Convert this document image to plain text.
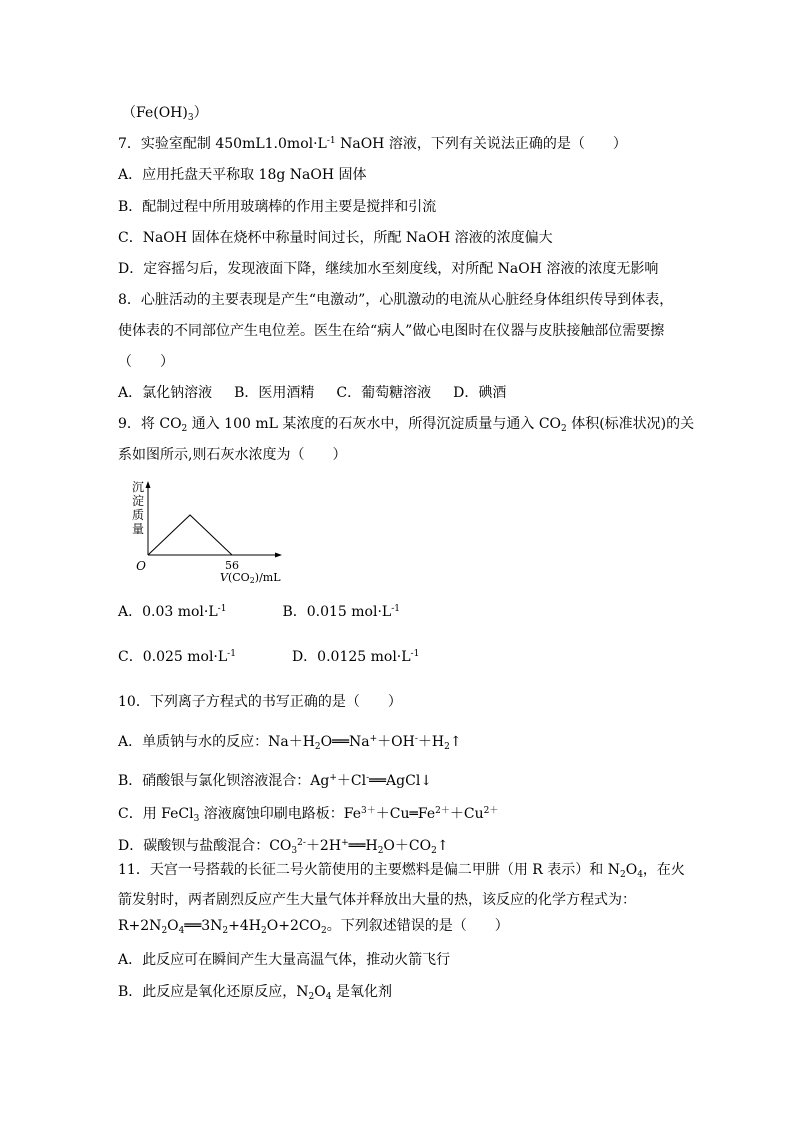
$(Fe(OH)_3)$
7．实验室配制 $450mL1.0mol\cdot L^{-1}$ NaOH 溶液，下列有关说法正确的是（　　）
A．应用托盘天平称取 18g NaOH 固体
B．配制过程中所用玻璃棒的作用主要是搅拌和引流
C．NaOH 固体在烧杯中称量时间过长，所配 NaOH 溶液的浓度偏大
D．定容摇匀后，发现液面下降，继续加水至刻度线，对所配 NaOH 溶液的浓度无影响
8．心脏活动的主要表现是产生“电激动”，心肌激动的电流从心脏经身体组织传导到体表，
使体表的不同部位产生电位差。医生在给“病人”做心电图时在仪器与皮肤接触部位需要擦
（　　）
A．氯化钠溶液 B．医用酒精 C．葡萄糖溶液 D．碘酒
9．将 $CO_2$ 通入 100 mL 某浓度的石灰水中，所得沉淀质量与通入 $CO_2$ 体积(标准状况)的关
系如图所示,则石灰水浓度为（　　）
沉
淀
质
量
O	56
V(CO2)/mL
A．0.03 $mol\cdot L^{-1}$	B．0.015 $mol\cdot L^{-1}$
C．0.025 $mol\cdot L^{-1}$	D．0.0125 $mol\cdot L^{-1}$
10．下列离子方程式的书写正确的是（　　）
A．单质钠与水的反应：$Na+H_2O══Na^++OH^-+H_2↑$
B．硝酸银与氯化钡溶液混合：Ag+＋Cl-══AgCl↓
C．用 FeCl$_3$ 溶液腐蚀印刷电路板：$Fe^{3+}+Cu═Fe^{2+}+Cu^{2+}$
D．碳酸钡与盐酸混合：$CO_3^{2-}+2H^+══H_2O+CO_2↑$
11．天宫一号搭载的长征二号火箭使用的主要燃料是偏二甲肼（用 R 表示）和 $N_2O_4$，在火
箭发射时，两者剧烈反应产生大量气体并释放出大量的热，该反应的化学方程式为：
$R+2N_2O_4══3N_2+4H_2O+2CO_2$。下列叙述错误的是（　　）
A．此反应可在瞬间产生大量高温气体，推动火箭飞行
B．此反应是氧化还原反应，$N_2O_4$ 是氧化剂
